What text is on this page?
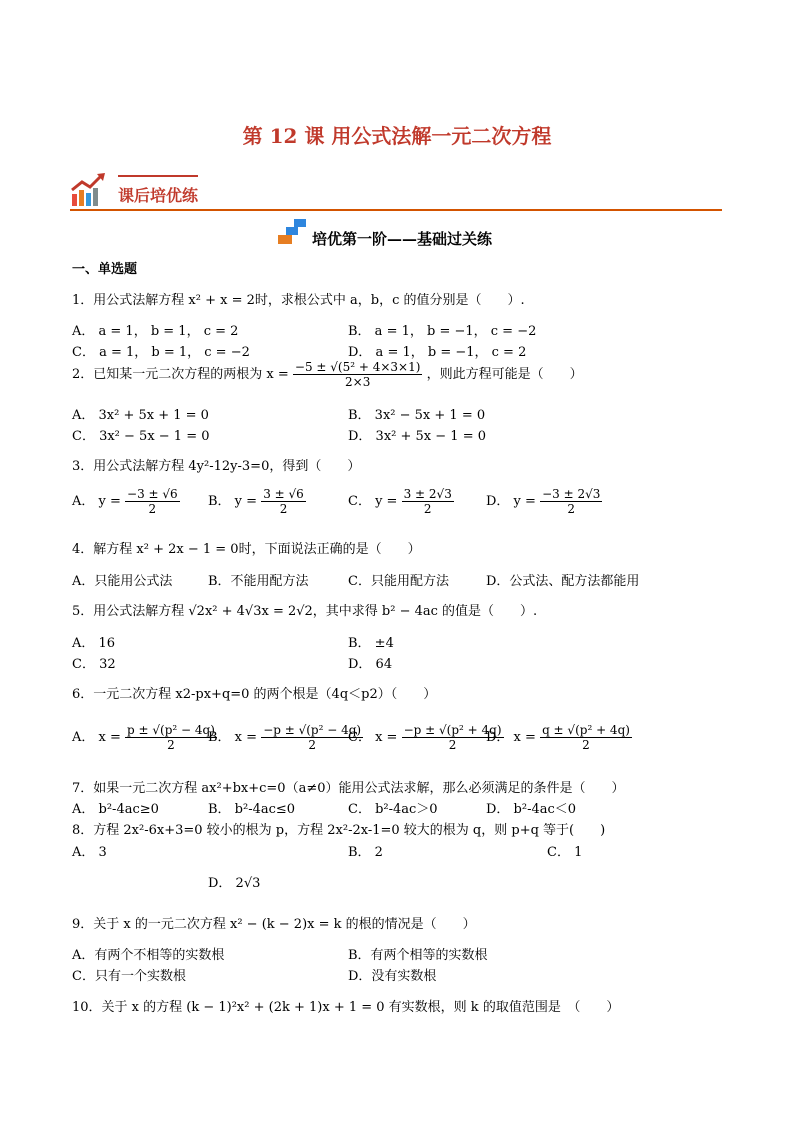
第 12 课 用公式法解一元二次方程
课后培优练
培优第一阶——基础过关练
一、单选题
1．用公式法解方程 x² + x = 2时，求根公式中 a，b，c 的值分别是（　　）.
A． a = 1， b = 1， c = 2	B． a = 1， b = −1， c = −2
C． a = 1， b = 1， c = −2	D． a = 1， b = −1， c = 2
2．已知某一元二次方程的两根为 $x = \frac{\text{−5 ± √(5² + 4×3×1)}}{2\times 3}$ ，则此方程可能是（　　）
A． 3x² + 5x + 1 = 0	B． 3x² − 5x + 1 = 0
C． 3x² − 5x − 1 = 0	D． 3x² + 5x − 1 = 0
3．用公式法解方程 4y²-12y-3=0，得到（　　）
A． $y = \frac{-3 \pm √6}{2}$ B． $y = \frac{3 \pm √6}{2}$	C． $y = \frac{3 \pm 2√3}{2}$ D． $y = \frac{-3 \pm 2√3}{2}$
4．解方程 x² + 2x − 1 = 0时，下面说法正确的是（　　）
A．只能用公式法	B．不能用配方法	C．只能用配方法	D．公式法、配方法都能用
5．用公式法解方程 √2x² + 4√3x = 2√2，其中求得 b² − 4ac 的值是（　　）.
A． 16	B． ±4
C． 32	D． 64
6．一元二次方程 x2-px+q=0 的两个根是（4q＜p2）（　　）
A． $x = \frac{\text{p ± √(p² − 4q)}}{2}$
B． $x = \frac{\text{−p ± √(p² − 4q)}}{2}$
C． $x = \frac{\text{−p ± √(p² + 4q)}}{2}$
D． $x = \frac{\text{q ± √(p² + 4q)}}{2}$
7．如果一元二次方程 ax²+bx+c=0（a≠0）能用公式法求解，那么必须满足的条件是（　　）
A． b²-4ac≥0	B． b²-4ac≤0	C． b²-4ac＞0	D． b²-4ac＜0
8．方程 2x²-6x+3=0 较小的根为 p，方程 2x²-2x-1=0 较大的根为 q，则 p+q 等于(　　)
A． 3	B． 2	C． 1
D． 2√3
9．关于 x 的一元二次方程 x² − (k − 2)x = k 的根的情况是（　　）
A．有两个不相等的实数根	B．有两个相等的实数根
C．只有一个实数根	D．没有实数根
10．关于 x 的方程 (k − 1)²x² + (2k + 1)x + 1 = 0 有实数根，则 k 的取值范围是　（　　）
